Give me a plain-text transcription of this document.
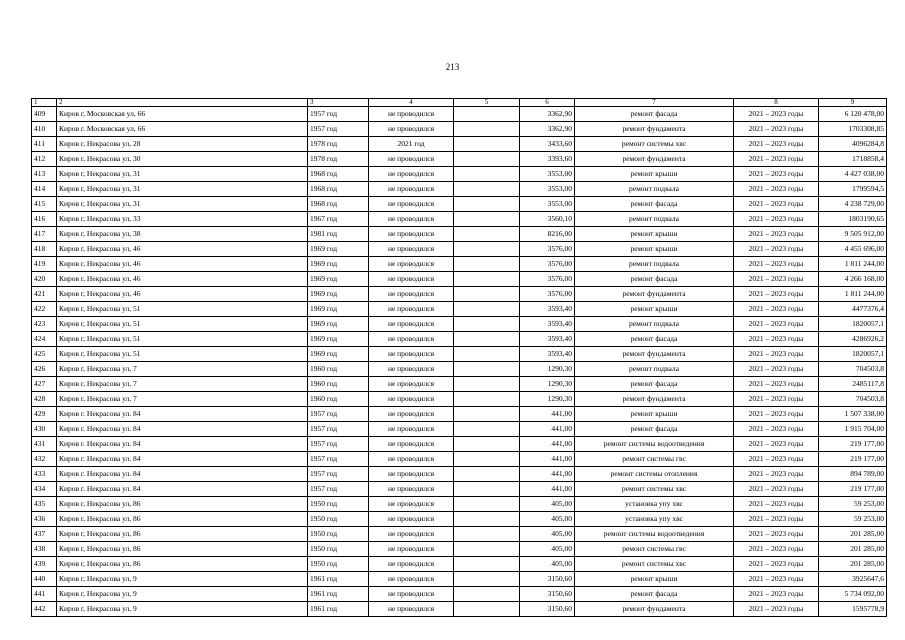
213
1	2	3	4	5	6	7	8	9
409	Киров г, Московская ул, 66	1957 год	не проводился		3362,90	ремонт фасада	2021 – 2023 годы	6 120 478,00
410	Киров г. Московская ул, 66	1957 год	не проводился		3362,90	ремонт фундамента	2021 – 2023 годы	1703308,85
411	Киров г, Некрасова ул, 28	1978 год	2021 год		3433,60	ремонт системы хвс	2021 – 2023 годы	4096284,8
412	Киров г, Некрасова ул, 30	1978 год	не проводился		3393,60	ремонт фундамента	2021 – 2023 годы	1718858,4
413	Киров г, Некрасова ул, 31	1968 год	не проводился		3553,00	ремонт крыши	2021 – 2023 годы	4 427 038,00
414	Киров г, Некрасова ул, 31	1968 год	не проводился		3553,00	ремонт подвала	2021 – 2023 годы	1799594,5
415	Киров г, Некрасова ул, 31	1968 год	не проводился		3553,00	ремонт фасада	2021 – 2023 годы	4 238 729,00
416	Киров г, Некрасова ул, 33	1967 год	не проводился		3560,10	ремонт подвала	2021 – 2023 годы	1803190,65
417	Киров г, Некрасова ул, 38	1981 год	не проводился		8216,00	ремонт крыши	2021 – 2023 годы	9 505 912,00
418	Киров г, Некрасова ул, 46	1969 год	не проводился		3576,00	ремонт крыши	2021 – 2023 годы	4 455 696,00
419	Киров г, Некрасова ул, 46	1969 год	не проводился		3576,00	ремонт подвала	2021 – 2023 годы	1 811 244,00
420	Киров г, Некрасова ул, 46	1969 год	не проводился		3576,00	ремонт фасада	2021 – 2023 годы	4 266 168,00
421	Киров г, Некрасова ул, 46	1969 год	не проводился		3576,00	ремонт фундамента	2021 – 2023 годы	1 811 244,00
422	Киров г, Некрасова ул, 51	1969 год	не проводился		3593,40	ремонт крыши	2021 – 2023 годы	4477376,4
423	Киров г, Некрасова ул, 51	1969 год	не проводился		3593,40	ремонт подвала	2021 – 2023 годы	1820057,1
424	Киров г, Некрасова ул, 51	1969 год	не проводился		3593,40	ремонт фасада	2021 – 2023 годы	4286926,2
425	Киров г, Некрасова ул, 51	1969 год	не проводился		3593,40	ремонт фундамента	2021 – 2023 годы	1820057,1
426	Киров г, Некрасова ул, 7	1960 год	не проводился		1290,30	ремонт подвала	2021 – 2023 годы	704503,8
427	Киров г, Некрасова ул, 7	1960 год	не проводился		1290,30	ремонт фасада	2021 – 2023 годы	2485117,8
428	Киров г, Некрасова ул, 7	1960 год	не проводился		1290,30	ремонт фундамента	2021 – 2023 годы	704503,8
429	Киров г. Некрасова ул. 84	1957 год	не проводился		441,00	ремонт крыши	2021 – 2023 годы	1 507 338,00
430	Киров г. Некрасова ул. 84	1957 год	не проводился		441,00	ремонт фасада	2021 – 2023 годы	1 915 704,00
431	Киров г. Некрасова ул. 84	1957 год	не проводился		441,00	ремонт системы водоотведения	2021 – 2023 годы	219 177,00
432	Киров г. Некрасова ул. 84	1957 год	не проводился		441,00	ремонт системы гвс	2021 – 2023 годы	219 177,00
433	Киров г. Некрасова ул. 84	1957 год	не проводился		441,00	ремонт системы отопления	2021 – 2023 годы	894 789,00
434	Киров г. Некрасова ул. 84	1957 год	не проводился		441,00	ремонт системы хвс	2021 – 2023 годы	219 177,00
435	Киров г, Некрасова ул, 86	1950 год	не проводился		405,00	установка упу хвс	2021 – 2023 годы	59 253,00
436	Киров г, Некрасова ул, 86	1950 год	не проводился		405,00	установка упу хвс	2021 – 2023 годы	59 253,00
437	Киров г, Некрасова ул, 86	1950 год	не проводился		405,00	ремонт системы водоотведения	2021 – 2023 годы	201 285,00
438	Киров г, Некрасова ул, 86	1950 год	не проводился		405,00	ремонт системы гвс	2021 – 2023 годы	201 285,00
439	Киров г, Некрасова ул, 86	1950 год	не проводился		405,00	ремонт системы хвс	2021 – 2023 годы	201 285,00
440	Киров г, Некрасова ул, 9	1961 год	не проводился		3150,60	ремонт крыши	2021 – 2023 годы	3925647,6
441	Киров г, Некрасова ул, 9	1961 год	не проводился		3150,60	ремонт фасада	2021 – 2023 годы	5 734 092,00
442	Киров г, Некрасова ул, 9	1961 год	не проводился		3150,60	ремонт фундамента	2021 – 2023 годы	1595778,9
